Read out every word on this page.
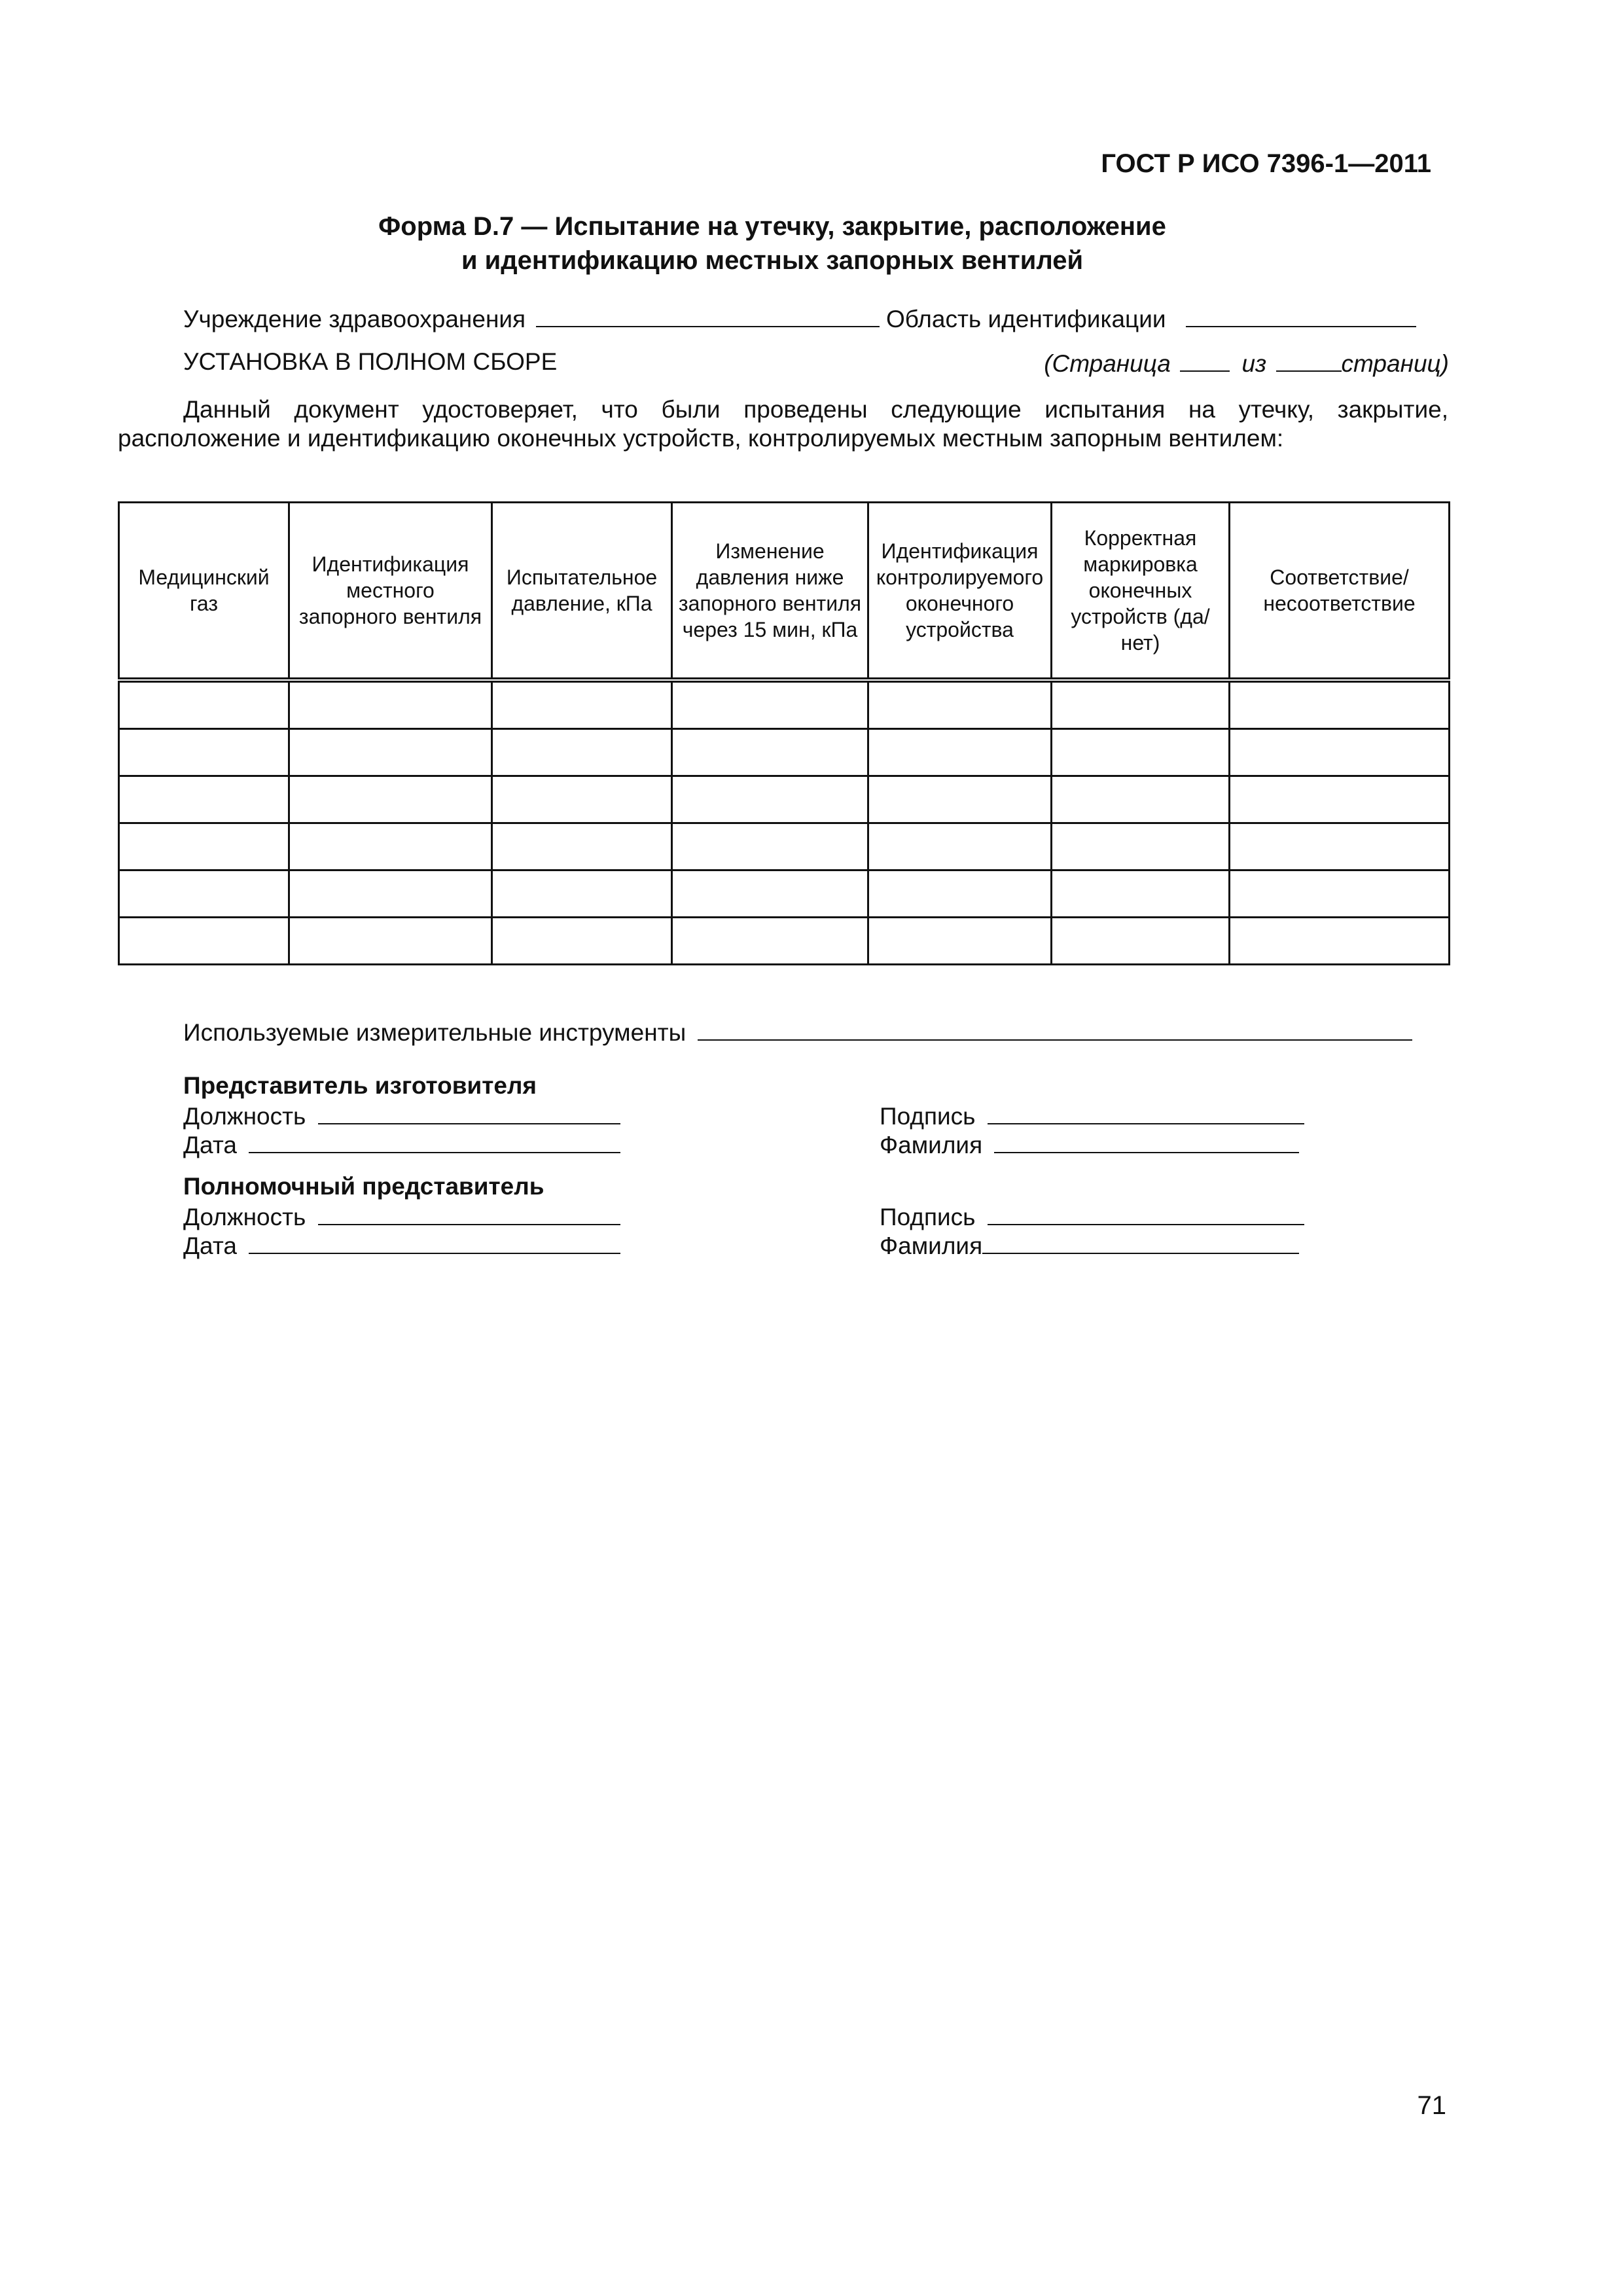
ГОСТ Р ИСО 7396-1—2011
Форма D.7 — Испытание на утечку, закрытие, расположение
и идентификацию местных запорных вентилей
Учреждение здравоохранения	Область идентификации
УСТАНОВКА В ПОЛНОМ СБОРЕ	(Страница	из	страниц)
Данный документ удостоверяет, что были проведены следующие испытания на утечку, закрытие, расположение и идентификацию оконечных устройств, контролируемых местным запорным вентилем:
Медицинский газ	Идентификация местного запорного вентиля	Испытательное давление, кПа	Изменение давления ниже запорного вентиля через 15 мин, кПа	Идентификация контролируемого оконечного устройства	Корректная маркировка оконечных устройств (да/нет)	Соответствие/ несоответствие

Используемые измерительные инструменты
Представитель изготовителя
Должность
Дата
Подпись
Фамилия
Полномочный представитель
Должность
Дата
Подпись
Фамилия
71
